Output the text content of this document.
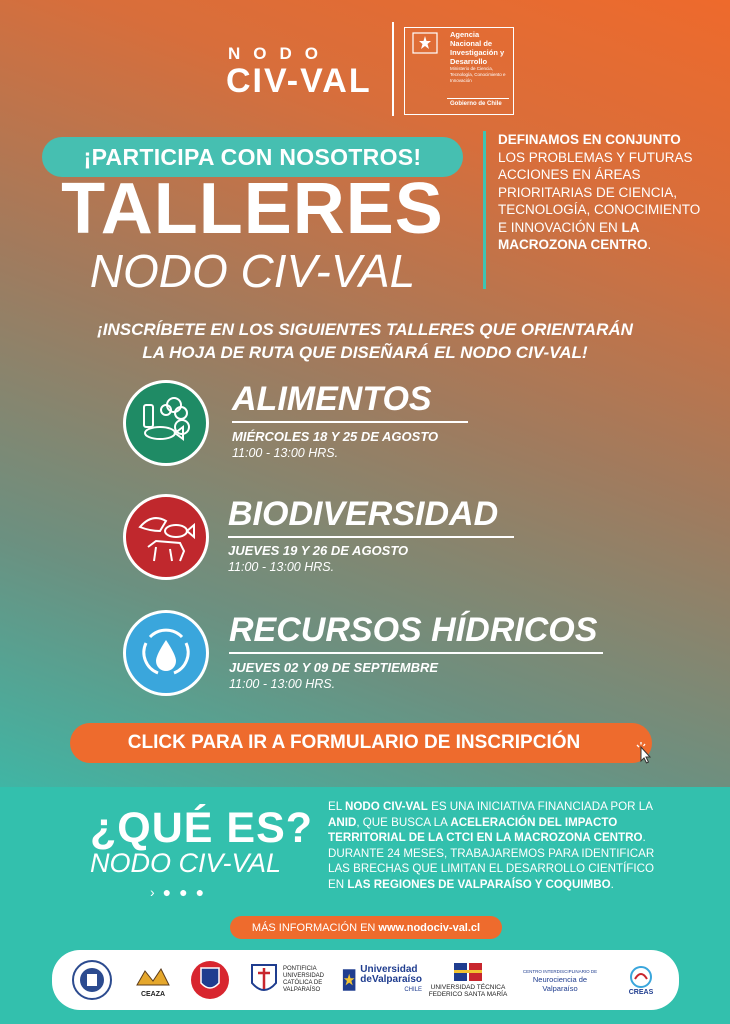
NODO
CIV-VAL
Agencia Nacional de Investigación y Desarrollo
Ministerio de Ciencia, Tecnología, Conocimiento e Innovación
Gobierno de Chile
¡PARTICIPA CON NOSOTROS!
TALLERES
NODO CIV-VAL
DEFINAMOS EN CONJUNTO LOS PROBLEMAS Y FUTURAS ACCIONES EN ÁREAS PRIORITARIAS DE CIENCIA, TECNOLOGÍA, CONOCIMIENTO E INNOVACIÓN EN LA MACROZONA CENTRO.
¡INSCRÍBETE EN LOS SIGUIENTES TALLERES QUE ORIENTARÁN
LA HOJA DE RUTA QUE DISEÑARÁ EL NODO CIV-VAL!
ALIMENTOS
MIÉRCOLES 18 Y 25 DE AGOSTO
11:00 - 13:00 HRS.
BIODIVERSIDAD
JUEVES 19 Y 26 DE AGOSTO
11:00 - 13:00 HRS.
RECURSOS HÍDRICOS
JUEVES 02 Y 09 DE SEPTIEMBRE
11:00 - 13:00 HRS.
CLICK PARA IR A FORMULARIO DE INSCRIPCIÓN
¿QUÉ ES?
NODO CIV-VAL
›●●●
EL NODO CIV-VAL ES UNA INICIATIVA FINANCIADA POR LA ANID, QUE BUSCA LA ACELERACIÓN DEL IMPACTO TERRITORIAL DE LA CTCI EN LA MACROZONA CENTRO. DURANTE 24 MESES, TRABAJAREMOS PARA IDENTIFICAR LAS BRECHAS QUE LIMITAN EL DESARROLLO CIENTÍFICO EN LAS REGIONES DE VALPARAÍSO Y COQUIMBO.
MÁS INFORMACIÓN EN
www.nodociv-val.cl
CEAZA
PONTIFICIA UNIVERSIDAD CATÓLICA DE VALPARAÍSO
Universidad
deValparaíso
CHILE UNIVERSIDAD TÉCNICA
FEDERICO SANTA MARÍA
CENTRO INTERDISCIPLINARIO DE
Neurociencia de
Valparaíso	CREAS
